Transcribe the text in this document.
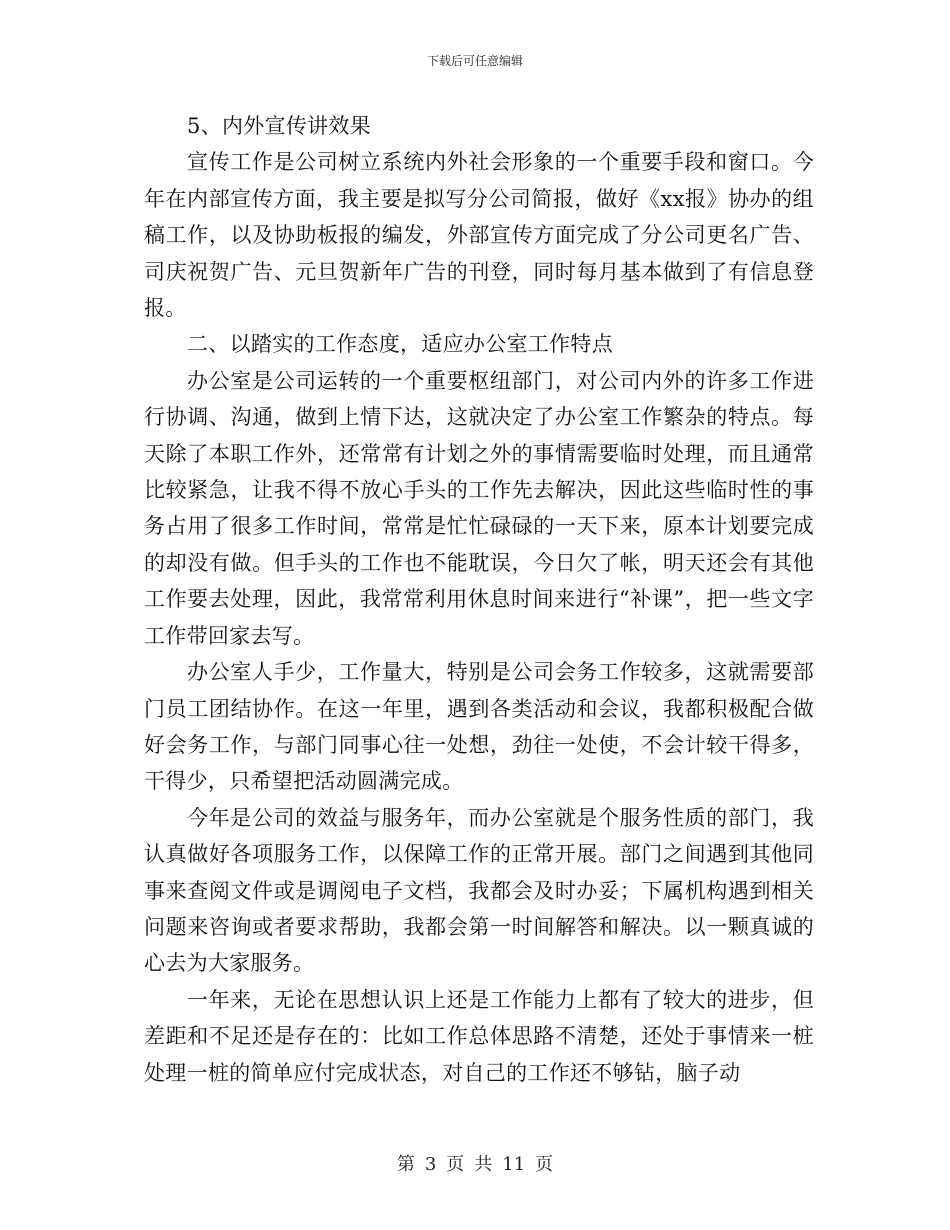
下载后可任意编辑

5、内外宣传讲效果

宣传工作是公司树立系统内外社会形象的一个重要手段和窗口。今年在内部宣传方面，我主要是拟写分公司简报，做好《xx报》协办的组稿工作，以及协助板报的编发，外部宣传方面完成了分公司更名广告、司庆祝贺广告、元旦贺新年广告的刊登，同时每月基本做到了有信息登报。

二、以踏实的工作态度，适应办公室工作特点

办公室是公司运转的一个重要枢纽部门，对公司内外的许多工作进行协调、沟通，做到上情下达，这就决定了办公室工作繁杂的特点。每天除了本职工作外，还常常有计划之外的事情需要临时处理，而且通常比较紧急，让我不得不放心手头的工作先去解决，因此这些临时性的事务占用了很多工作时间，常常是忙忙碌碌的一天下来，原本计划要完成的却没有做。但手头的工作也不能耽误，今日欠了帐，明天还会有其他工作要去处理，因此，我常常利用休息时间来进行“补课”，把一些文字工作带回家去写。

办公室人手少，工作量大，特别是公司会务工作较多，这就需要部门员工团结协作。在这一年里，遇到各类活动和会议，我都积极配合做好会务工作，与部门同事心往一处想，劲往一处使，不会计较干得多，干得少，只希望把活动圆满完成。

今年是公司的效益与服务年，而办公室就是个服务性质的部门，我认真做好各项服务工作，以保障工作的正常开展。部门之间遇到其他同事来查阅文件或是调阅电子文档，我都会及时办妥；下属机构遇到相关问题来咨询或者要求帮助，我都会第一时间解答和解决。以一颗真诚的心去为大家服务。

一年来，无论在思想认识上还是工作能力上都有了较大的进步，但差距和不足还是存在的：比如工作总体思路不清楚，还处于事情来一桩处理一桩的简单应付完成状态，对自己的工作还不够钻，脑子动

第 3 页 共 11 页
